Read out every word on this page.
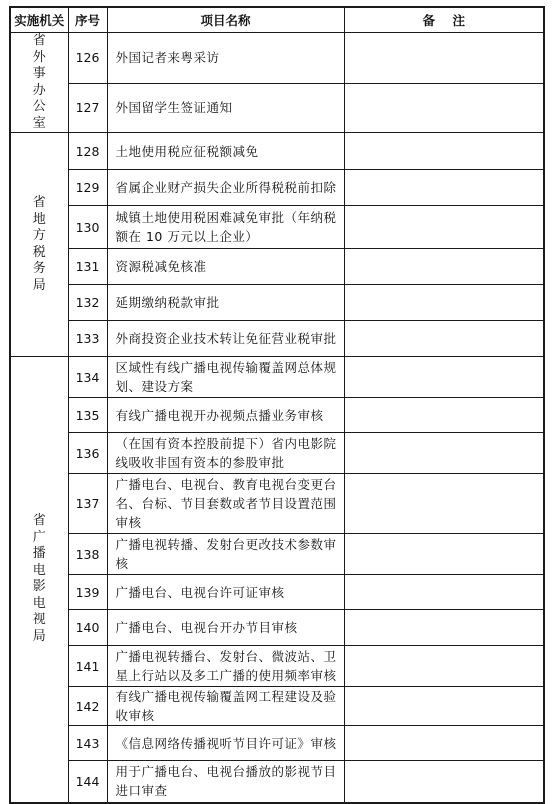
实施机关	序号	项目名称	备注
省外事办公室	126	外国记者来粤采访	
	127	外国留学生签证通知	
省地方税务局	128	土地使用税应征税额减免	
	129	省属企业财产损失企业所得税税前扣除	
	130	城镇土地使用税困难减免审批（年纳税额在 10 万元以上企业）	
	131	资源税减免核准	
	132	延期缴纳税款审批	
	133	外商投资企业技术转让免征营业税审批	
省广播电影电视局	134	区域性有线广播电视传输覆盖网总体规划、建设方案	
	135	有线广播电视开办视频点播业务审核	
	136	（在国有资本控股前提下）省内电影院线吸收非国有资本的参股审批	
	137	广播电台、电视台、教育电视台变更台名、台标、节目套数或者节目设置范围审核	
	138	广播电视转播、发射台更改技术参数审核	
	139	广播电台、电视台许可证审核	
	140	广播电台、电视台开办节目审核	
	141	广播电视转播台、发射台、微波站、卫星上行站以及多工广播的使用频率审核	
	142	有线广播电视传输覆盖网工程建设及验收审核	
	143	《信息网络传播视听节目许可证》审核	
	144	用于广播电台、电视台播放的影视节目进口审查	
